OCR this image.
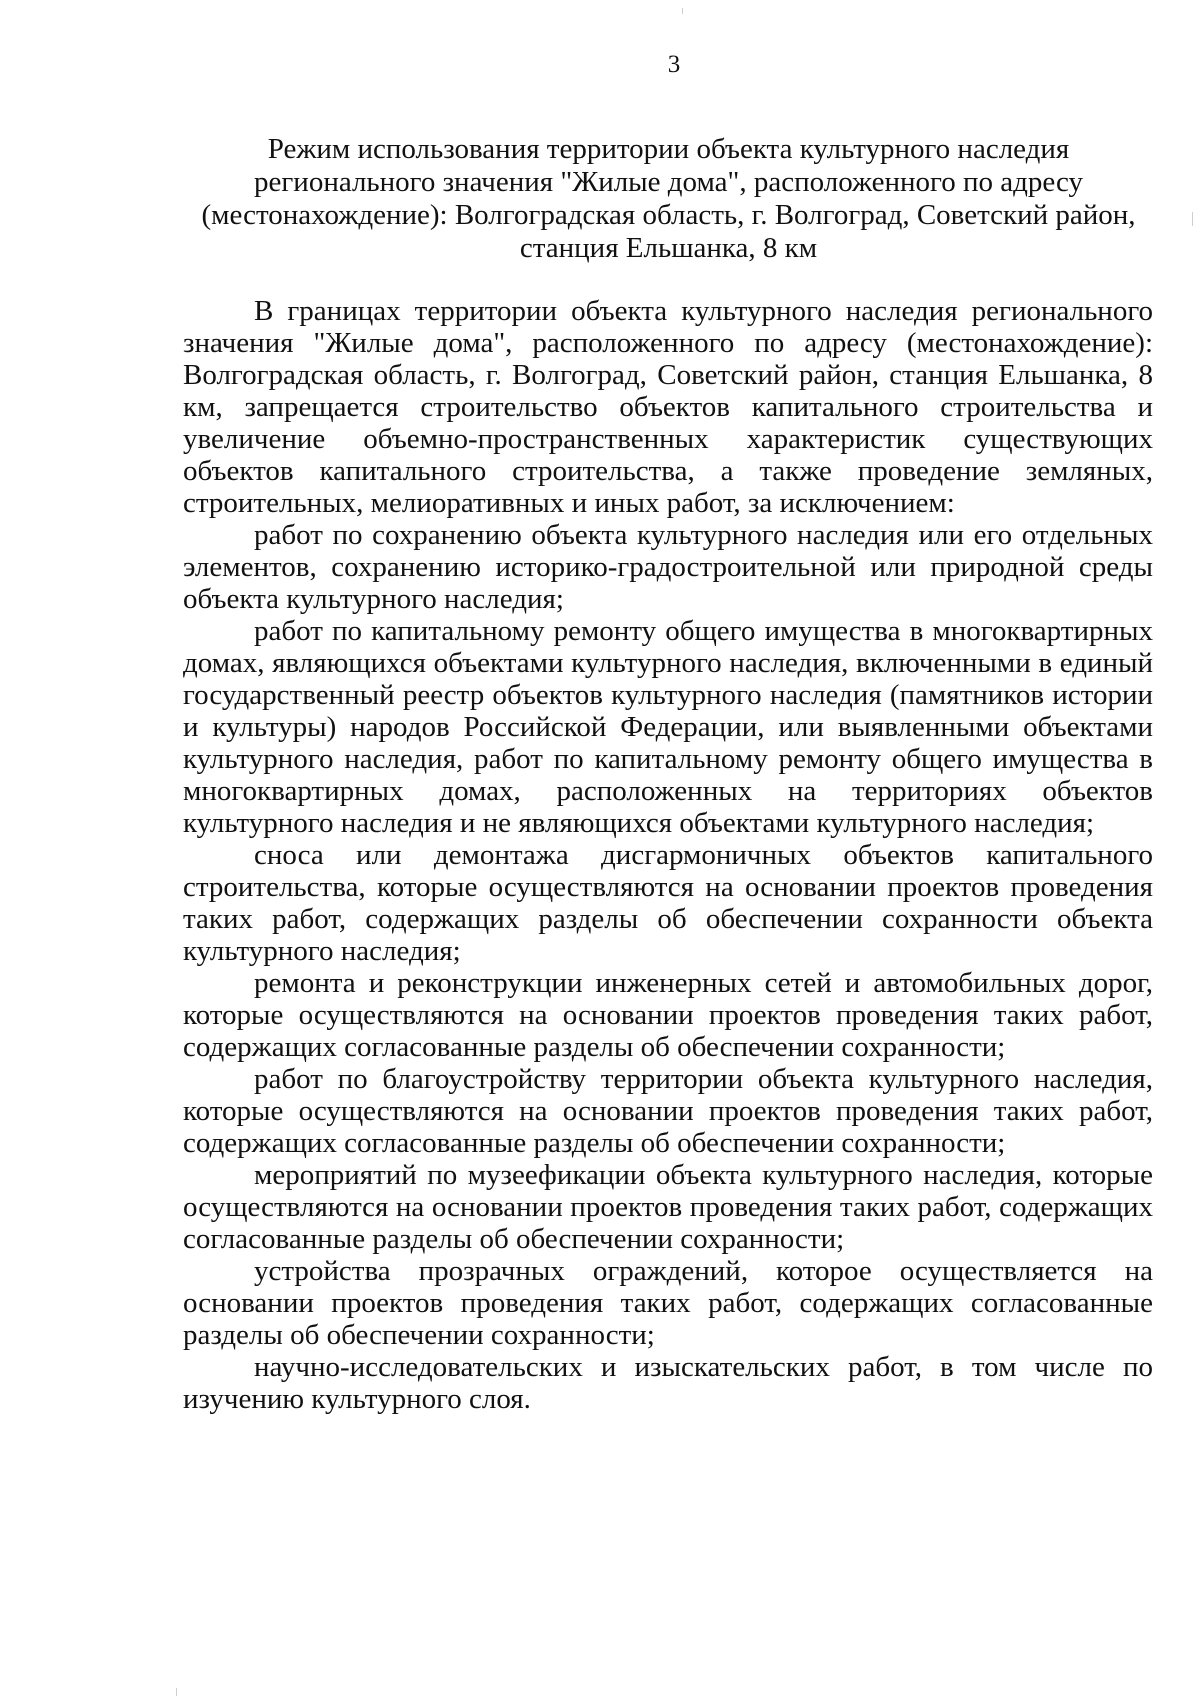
3
Режим использования территории объекта культурного наследия
регионального значения "Жилые дома", расположенного по адресу
(местонахождение): Волгоградская область, г. Волгоград, Советский район,
станция Ельшанка, 8 км

В границах территории объекта культурного наследия регионального значения "Жилые дома", расположенного по адресу (местонахождение): Волгоградская область, г. Волгоград, Советский район, станция Ельшанка, 8 км, запрещается строительство объектов капитального строительства и увеличение объемно-пространственных характеристик существующих объектов капитального строительства, а также проведение земляных, строительных, мелиоративных и иных работ, за исключением:

работ по сохранению объекта культурного наследия или его отдельных элементов, сохранению историко-градостроительной или природной среды объекта культурного наследия;

работ по капитальному ремонту общего имущества в многоквартирных домах, являющихся объектами культурного наследия, включенными в единый государственный реестр объектов культурного наследия (памятников истории и культуры) народов Российской Федерации, или выявленными объектами культурного наследия, работ по капитальному ремонту общего имущества в многоквартирных домах, расположенных на территориях объектов культурного наследия и не являющихся объектами культурного наследия;

сноса или демонтажа дисгармоничных объектов капитального строительства, которые осуществляются на основании проектов проведения таких работ, содержащих разделы об обеспечении сохранности объекта культурного наследия;

ремонта и реконструкции инженерных сетей и автомобильных дорог, которые осуществляются на основании проектов проведения таких работ, содержащих согласованные разделы об обеспечении сохранности;

работ по благоустройству территории объекта культурного наследия, которые осуществляются на основании проектов проведения таких работ, содержащих согласованные разделы об обеспечении сохранности;

мероприятий по музеефикации объекта культурного наследия, которые осуществляются на основании проектов проведения таких работ, содержащих согласованные разделы об обеспечении сохранности;

устройства прозрачных ограждений, которое осуществляется на основании проектов проведения таких работ, содержащих согласованные разделы об обеспечении сохранности;

научно-исследовательских и изыскательских работ, в том числе по изучению культурного слоя.
